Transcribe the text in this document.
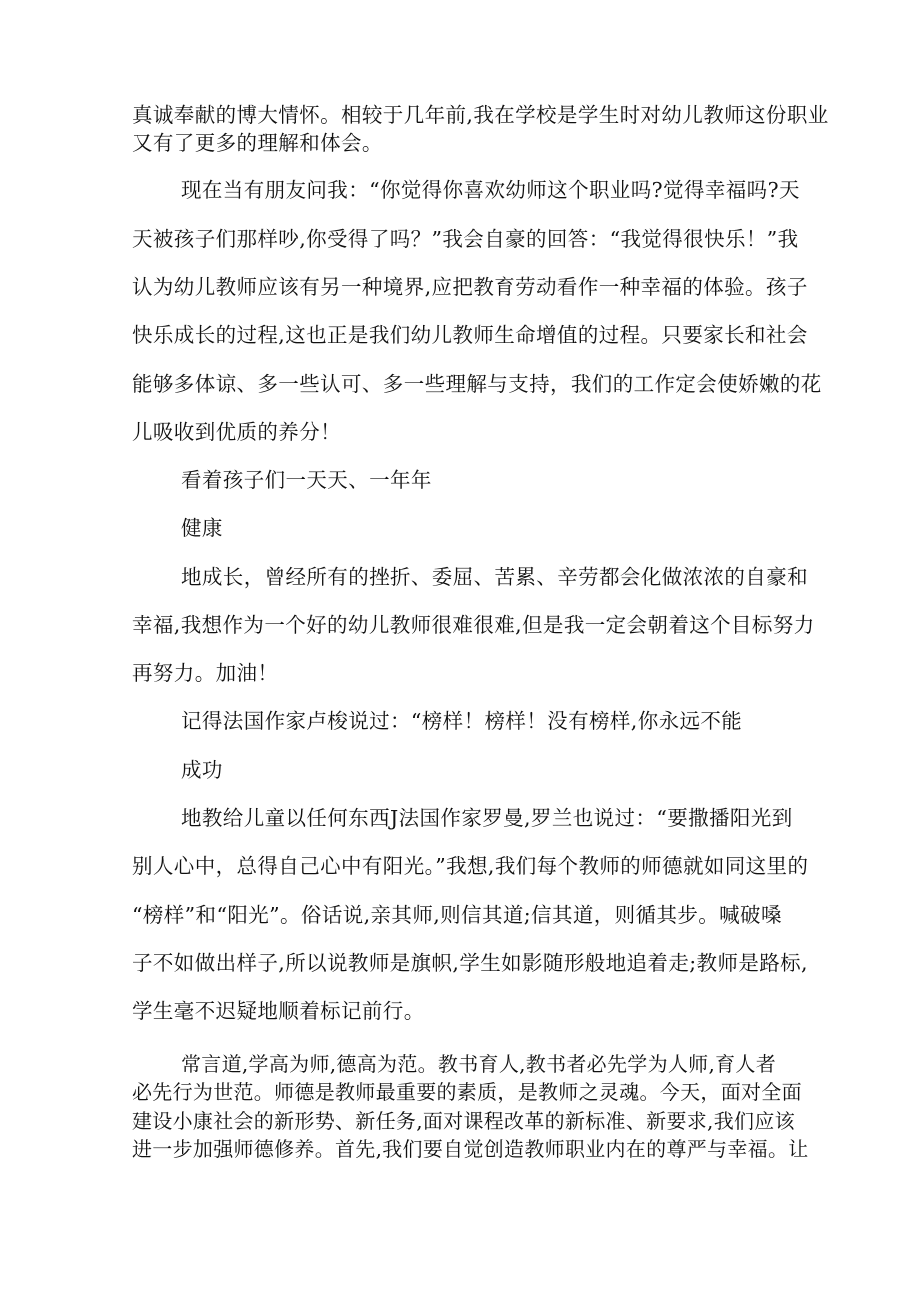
真诚奉献的博大情怀。相较于几年前,我在学校是学生时对幼儿教师这份职业

又有了更多的理解和体会。

现在当有朋友问我：“你觉得你喜欢幼师这个职业吗?觉得幸福吗?天

天被孩子们那样吵,你受得了吗？”我会自豪的回答：“我觉得很快乐！”我

认为幼儿教师应该有另一种境界,应把教育劳动看作一种幸福的体验。孩子

快乐成长的过程,这也正是我们幼儿教师生命增值的过程。只要家长和社会

能够多体谅、多一些认可、多一些理解与支持，我们的工作定会使娇嫩的花

儿吸收到优质的养分！

看着孩子们一天天、一年年

健康

地成长，曾经所有的挫折、委屈、苦累、辛劳都会化做浓浓的自豪和

幸福,我想作为一个好的幼儿教师很难很难,但是我一定会朝着这个目标努力

再努力。加油！

记得法国作家卢梭说过：“榜样！榜样！没有榜样,你永远不能

成功

地教给儿童以任何东西J法国作家罗曼,罗兰也说过：“要撒播阳光到

别人心中，总得自己心中有阳光。”我想,我们每个教师的师德就如同这里的

“榜样”和“阳光”。俗话说,亲其师,则信其道;信其道，则循其步。喊破嗓

子不如做出样子,所以说教师是旗帜,学生如影随形般地追着走;教师是路标,

学生毫不迟疑地顺着标记前行。

常言道,学高为师,德高为范。教书育人,教书者必先学为人师,育人者

必先行为世范。师德是教师最重要的素质，是教师之灵魂。今天，面对全面

建设小康社会的新形势、新任务,面对课程改革的新标准、新要求,我们应该

进一步加强师德修养。首先,我们要自觉创造教师职业内在的尊严与幸福。让
